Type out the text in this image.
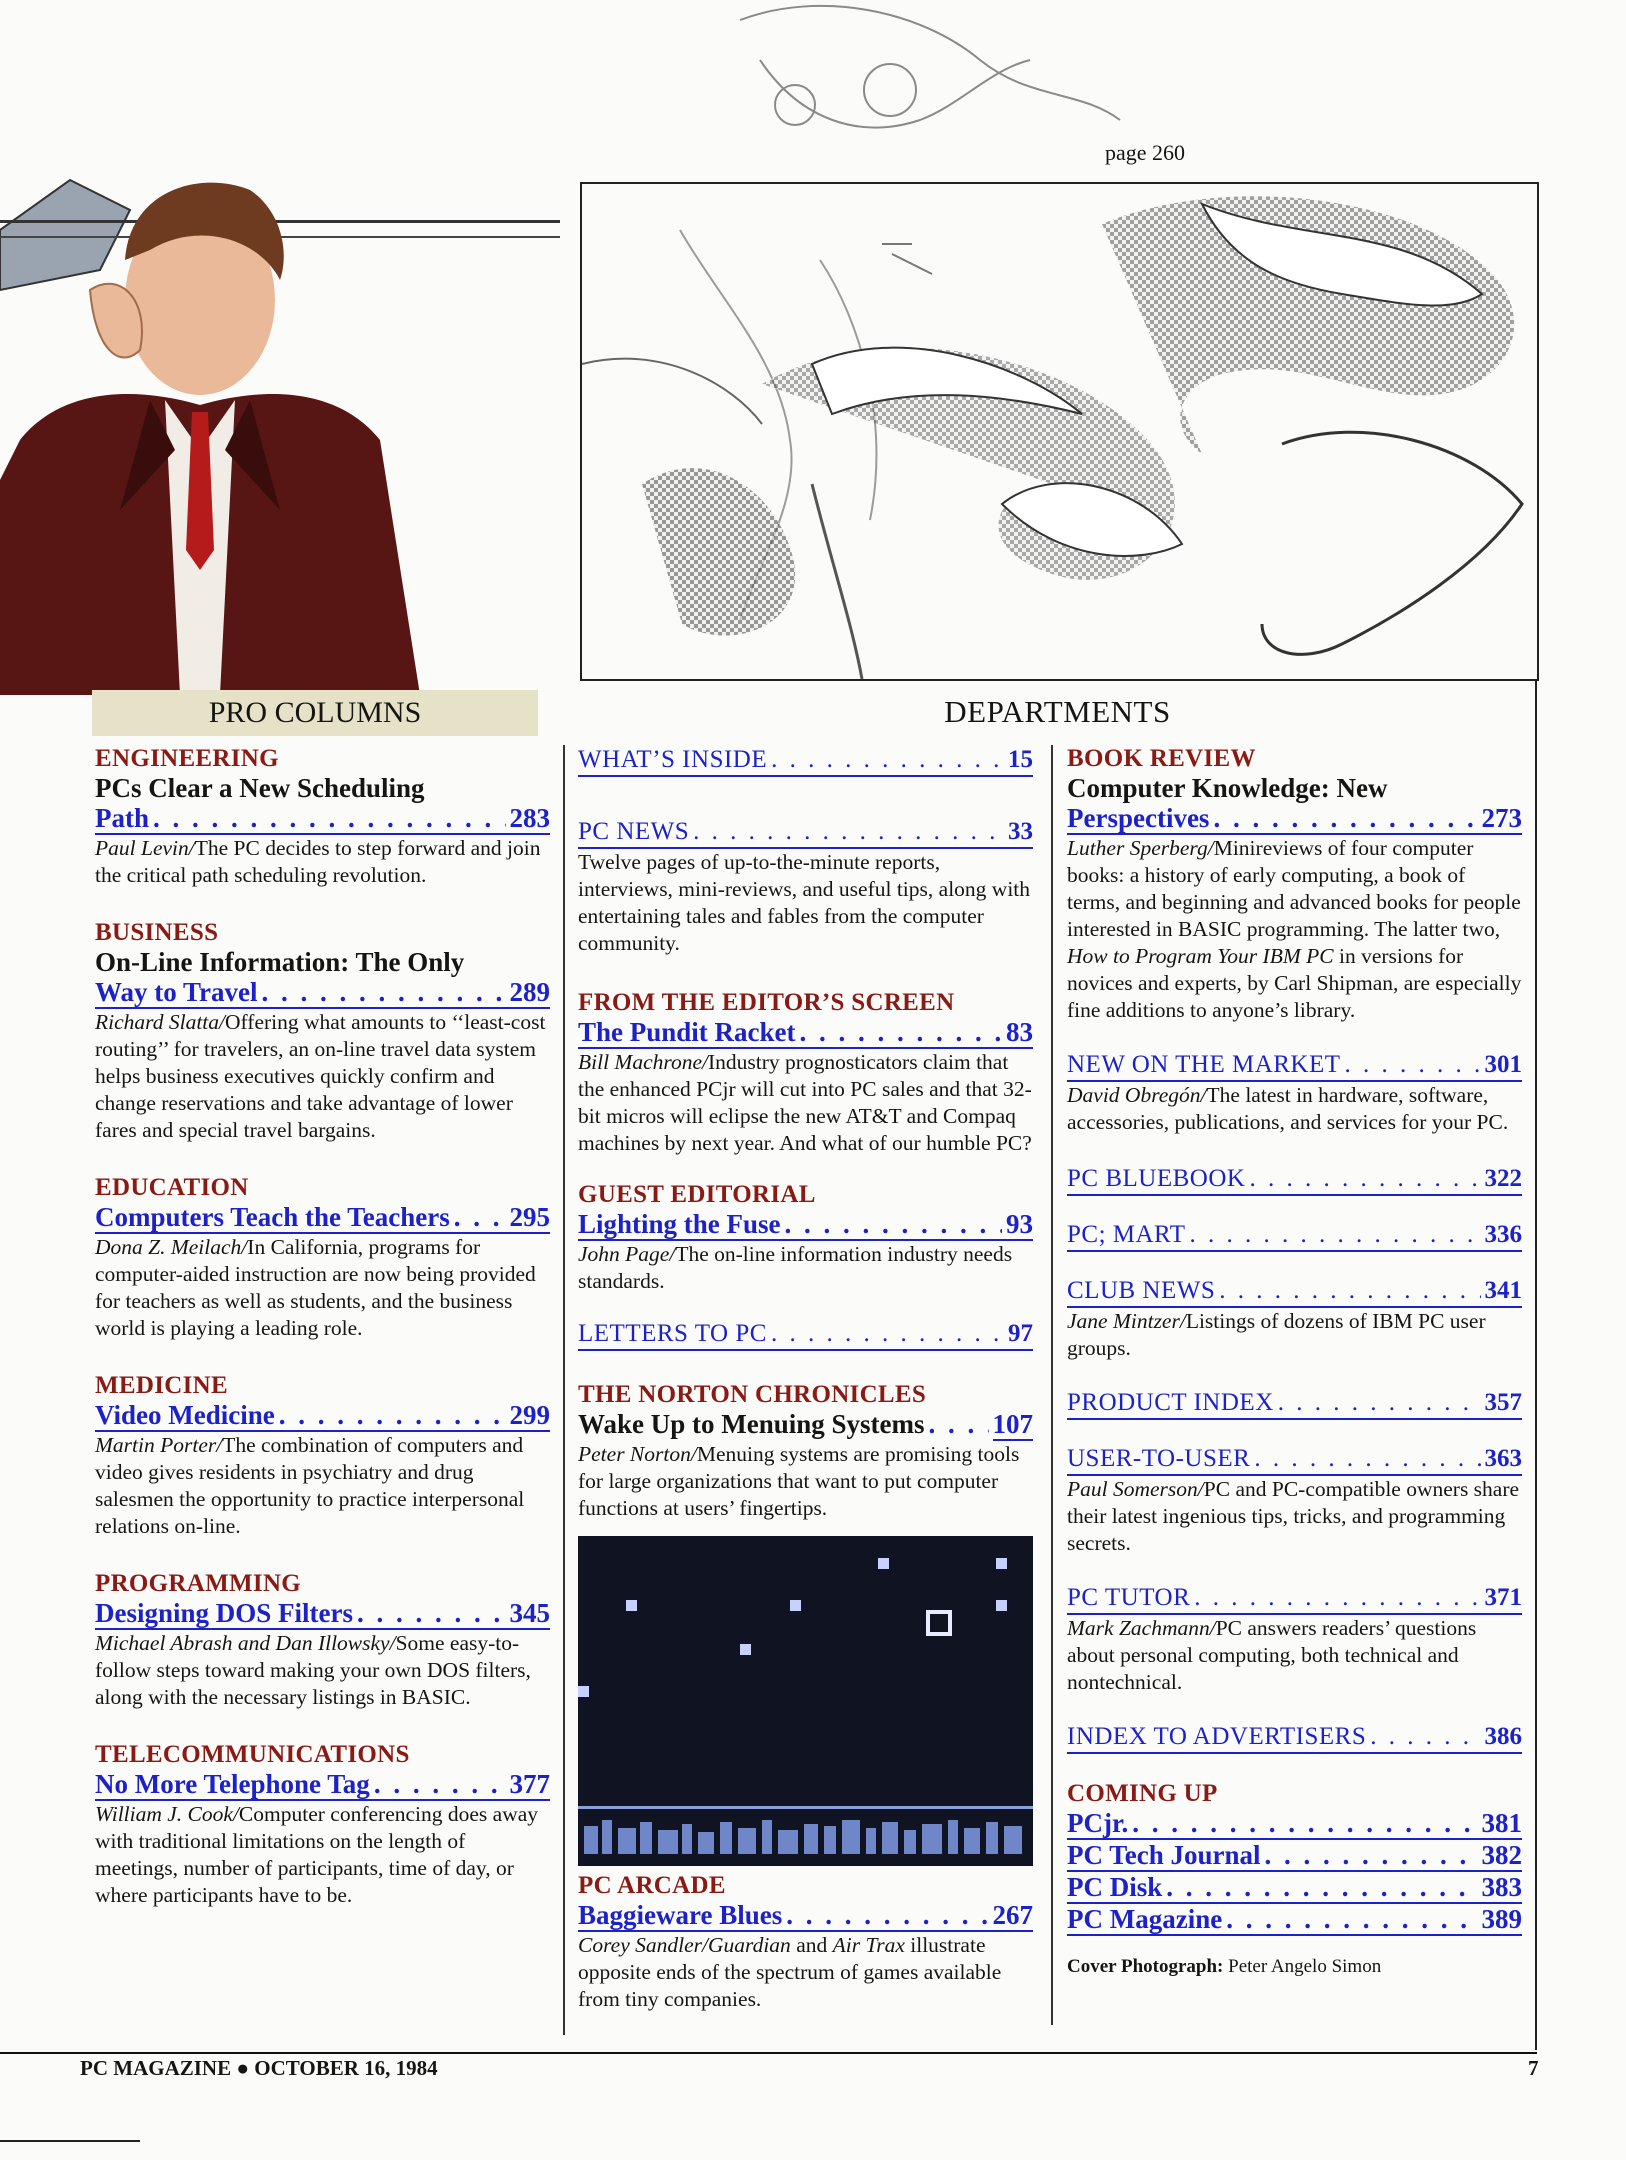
page 260
PRO COLUMNS	DEPARTMENTS
ENGINEERING
PCs Clear a New Scheduling
Path . . .	283
Paul Levin/The PC decides to step forward and join the critical path scheduling revolution.
BUSINESS
On-Line Information: The Only
Way to Travel . . .	289
Richard Slatta/Offering what amounts to ‘‘least-cost routing’’ for travelers, an on-line travel data system helps business executives quickly confirm and change reservations and take advantage of lower fares and special travel bargains.
EDUCATION
Computers Teach the Teachers . . . 295
Dona Z. Meilach/In California, programs for computer-aided instruction are now being provided for teachers as well as students, and the business world is playing a leading role.
MEDICINE
Video Medicine . . .	299
Martin Porter/The combination of computers and video gives residents in psychiatry and drug salesmen the opportunity to practice interpersonal relations on-line.
PROGRAMMING
Designing DOS Filters . . .	345
Michael Abrash and Dan Illowsky/Some easy-to-follow steps toward making your own DOS filters, along with the necessary listings in BASIC.
TELECOMMUNICATIONS
No More Telephone Tag . . .	377
William J. Cook/Computer conferencing does away with traditional limitations on the length of meetings, number of participants, time of day, or where participants have to be.
WHAT’S INSIDE . . .	15
PC NEWS . . .	33
Twelve pages of up-to-the-minute reports, interviews, mini-reviews, and useful tips, along with entertaining tales and fables from the computer community.
FROM THE EDITOR’S SCREEN
The Pundit Racket . . .	83
Bill Machrone/Industry prognosticators claim that the enhanced PCjr will cut into PC sales and that 32-bit micros will eclipse the new AT&T and Compaq machines by next year. And what of our humble PC?
GUEST EDITORIAL
Lighting the Fuse . . .	93
John Page/The on-line information industry needs standards.
LETTERS TO PC . . .	97
THE NORTON CHRONICLES
Wake Up to Menuing Systems . . .	107
Peter Norton/Menuing systems are promising tools for large organizations that want to put computer functions at users’ fingertips.
PC ARCADE
Baggieware Blues . . .	267
Corey Sandler/Guardian and Air Trax illustrate opposite ends of the spectrum of games available from tiny companies.
BOOK REVIEW
Computer Knowledge: New
Perspectives . . .	273
Luther Sperberg/Minireviews of four computer books: a history of early computing, a book of terms, and beginning and advanced books for people interested in BASIC programming. The latter two, How to Program Your IBM PC in versions for novices and experts, by Carl Shipman, are especially fine additions to anyone’s library.
NEW ON THE MARKET . . .	301
David Obregón/The latest in hardware, software, accessories, publications, and services for your PC.
PC BLUEBOOK . . .	322
PC; MART . . .	336
CLUB NEWS . . .	341
Jane Mintzer/Listings of dozens of IBM PC user groups.
PRODUCT INDEX . . .	357
USER-TO-USER . . .	363
Paul Somerson/PC and PC-compatible owners share their latest ingenious tips, tricks, and programming secrets.
PC TUTOR . . .	371
Mark Zachmann/PC answers readers’ questions about personal computing, both technical and nontechnical.
INDEX TO ADVERTISERS . . .	386
COMING UP
PCjr. . . .	381
PC Tech Journal . . .	382
PC Disk . . .	383
PC Magazine . . .	389
Cover Photograph: Peter Angelo Simon
PC MAGAZINE ● OCTOBER 16, 1984	7
